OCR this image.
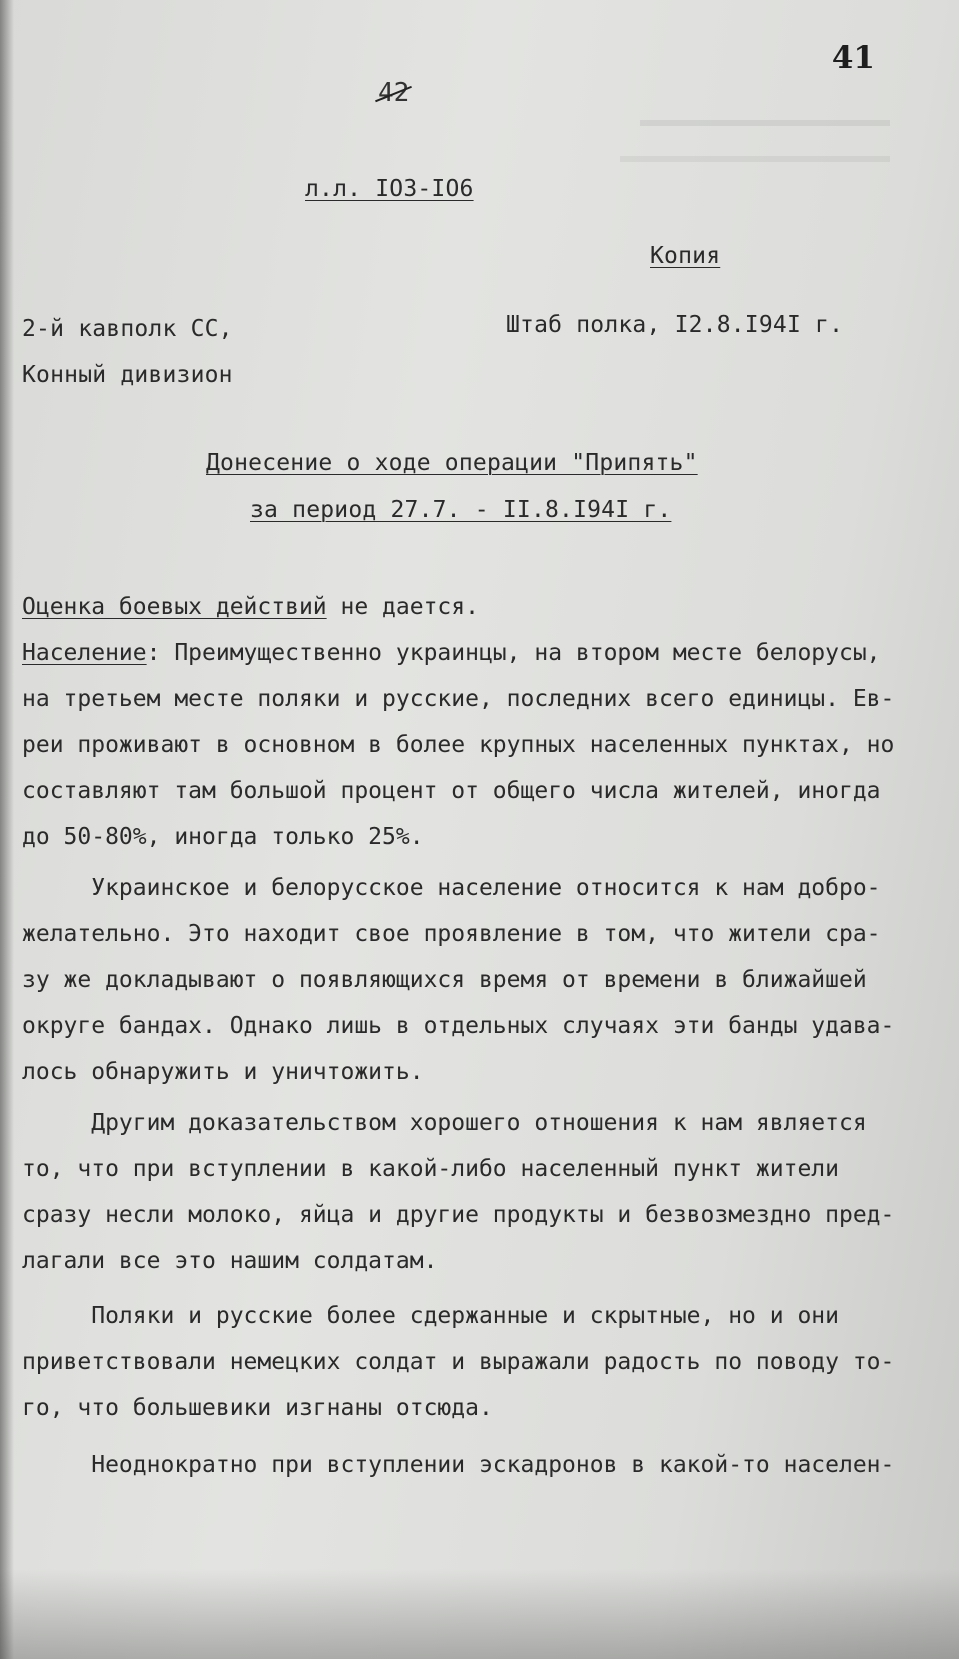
41
42
л.л. IO3-IO6
Копия
2-й кавполк СС,
Конный дивизион
Штаб полка, I2.8.I94I г.
Донесение о ходе операции "Припять"
за период 27.7. - II.8.I94I г.
Оценка боевых действий не дается.
Население: Преимущественно украинцы, на втором месте белорусы,
на третьем месте поляки и русские, последних всего единицы. Ев-
реи проживают в основном в более крупных населенных пунктах, но
составляют там большой процент от общего числа жителей, иногда
до 50-80%, иногда только 25%.
Украинское и белорусское население относится к нам добро-
желательно. Это находит свое проявление в том, что жители сра-
зу же докладывают о появляющихся время от времени в ближайшей
округе бандах. Однако лишь в отдельных случаях эти банды удава-
лось обнаружить и уничтожить.
Другим доказательством хорошего отношения к нам является
то, что при вступлении в какой-либо населенный пункт жители
сразу несли молоко, яйца и другие продукты и безвозмездно пред-
лагали все это нашим солдатам.
Поляки и русские более сдержанные и скрытные, но и они
приветствовали немецких солдат и выражали радость по поводу то-
го, что большевики изгнаны отсюда.
Неоднократно при вступлении эскадронов в какой-то населен-
